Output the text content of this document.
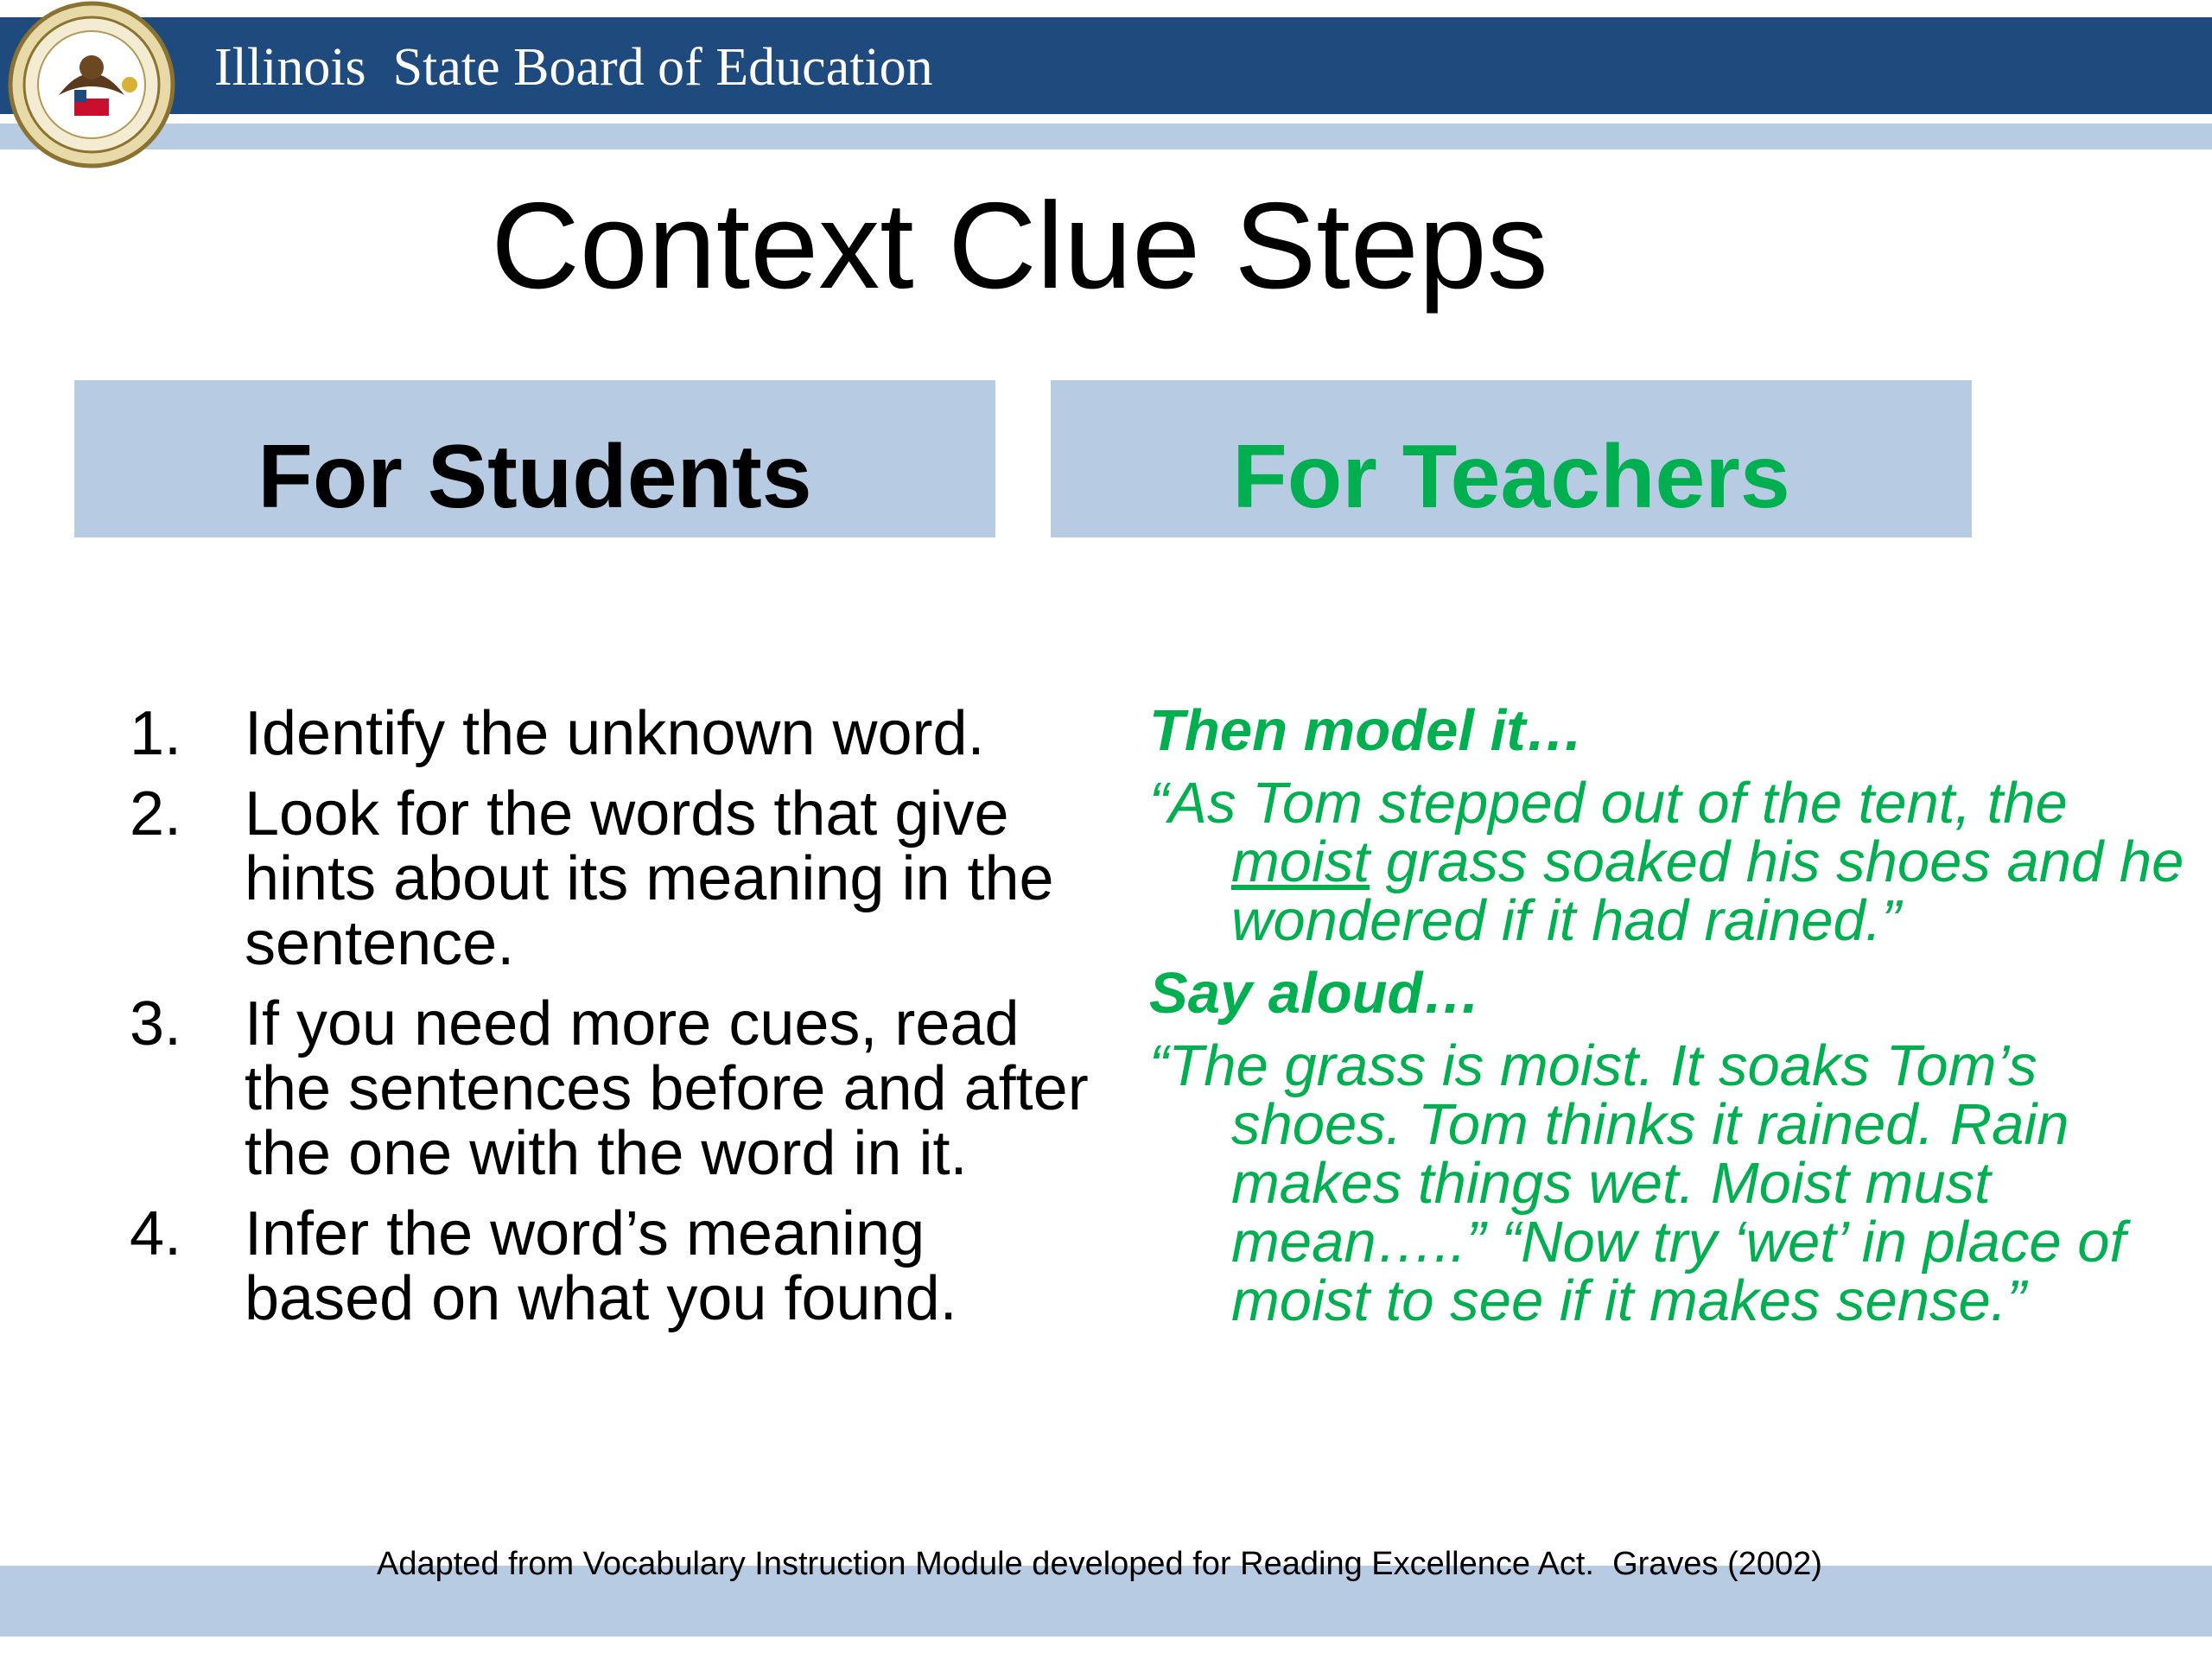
Illinois  State Board of Education
Context Clue Steps
For Students	For Teachers
1. Identify the unknown word.
2. Look for the words that give hints about its meaning in the sentence.
3. If you need more cues, read the sentences before and after the one with the word in it.
4. Infer the word’s meaning based on what you found.
Then model it…
“As Tom stepped out of the tent, the moist grass soaked his shoes and he wondered if it had rained.”
Say aloud…
“The grass is moist. It soaks Tom’s shoes. Tom thinks it rained. Rain makes things wet. Moist must mean…..” “Now try ‘wet’ in place of moist to see if it makes sense.”
Adapted from Vocabulary Instruction Module developed for Reading Excellence Act.  Graves (2002)
